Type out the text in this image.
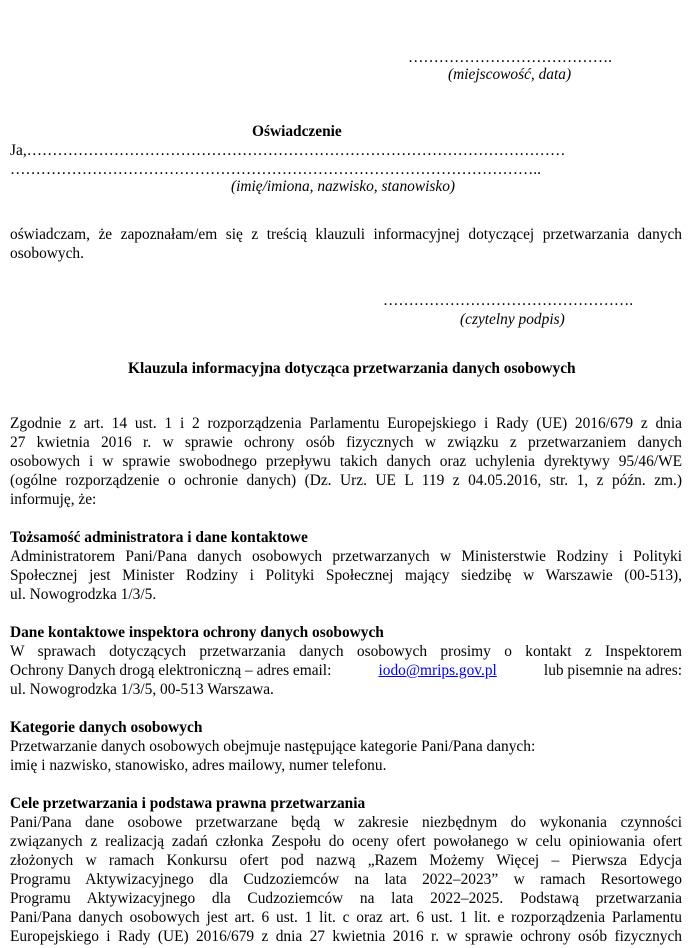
………………………………….
(miejscowość, data)
Oświadczenie
Ja,……………………………………………………………………………………………
…………………………………………………………………………………………..
(imię/imiona, nazwisko, stanowisko)
oświadczam, że zapoznałam/em się z treścią klauzuli informacyjnej dotyczącej przetwarzania danych
osobowych.
………………………………………….
(czytelny podpis)
Klauzula informacyjna dotycząca przetwarzania danych osobowych
Zgodnie z art. 14 ust. 1 i 2 rozporządzenia Parlamentu Europejskiego i Rady (UE) 2016/679 z dnia
27 kwietnia 2016 r. w sprawie ochrony osób fizycznych w związku z przetwarzaniem danych
osobowych i w sprawie swobodnego przepływu takich danych oraz uchylenia dyrektywy 95/46/WE
(ogólne rozporządzenie o ochronie danych) (Dz. Urz. UE L 119 z 04.05.2016, str. 1, z późn. zm.)
informuję, że:
Tożsamość administratora i dane kontaktowe
Administratorem Pani/Pana danych osobowych przetwarzanych w Ministerstwie Rodziny i Polityki
Społecznej jest Minister Rodziny i Polityki Społecznej mający siedzibę w Warszawie (00-513),
ul. Nowogrodzka 1/3/5.
Dane kontaktowe inspektora ochrony danych osobowych
W sprawach dotyczących przetwarzania danych osobowych prosimy o kontakt z Inspektorem
Ochrony Danych drogą elektroniczną – adres email:	iodo@mrips.gov.pl	lub pisemnie na adres:
ul. Nowogrodzka 1/3/5, 00-513 Warszawa.
Kategorie danych osobowych
Przetwarzanie danych osobowych obejmuje następujące kategorie Pani/Pana danych:
imię i nazwisko, stanowisko, adres mailowy, numer telefonu.
Cele przetwarzania i podstawa prawna przetwarzania
Pani/Pana dane osobowe przetwarzane będą w zakresie niezbędnym do wykonania czynności
związanych z realizacją zadań członka Zespołu do oceny ofert powołanego w celu opiniowania ofert
złożonych w ramach Konkursu ofert pod nazwą „Razem Możemy Więcej – Pierwsza Edycja
Programu Aktywizacyjnego dla Cudzoziemców na lata 2022–2023” w ramach Resortowego
Programu Aktywizacyjnego dla Cudzoziemców na lata 2022–2025. Podstawą przetwarzania
Pani/Pana danych osobowych jest art. 6 ust. 1 lit. c oraz art. 6 ust. 1 lit. e rozporządzenia Parlamentu
Europejskiego i Rady (UE) 2016/679 z dnia 27 kwietnia 2016 r. w sprawie ochrony osób fizycznych
